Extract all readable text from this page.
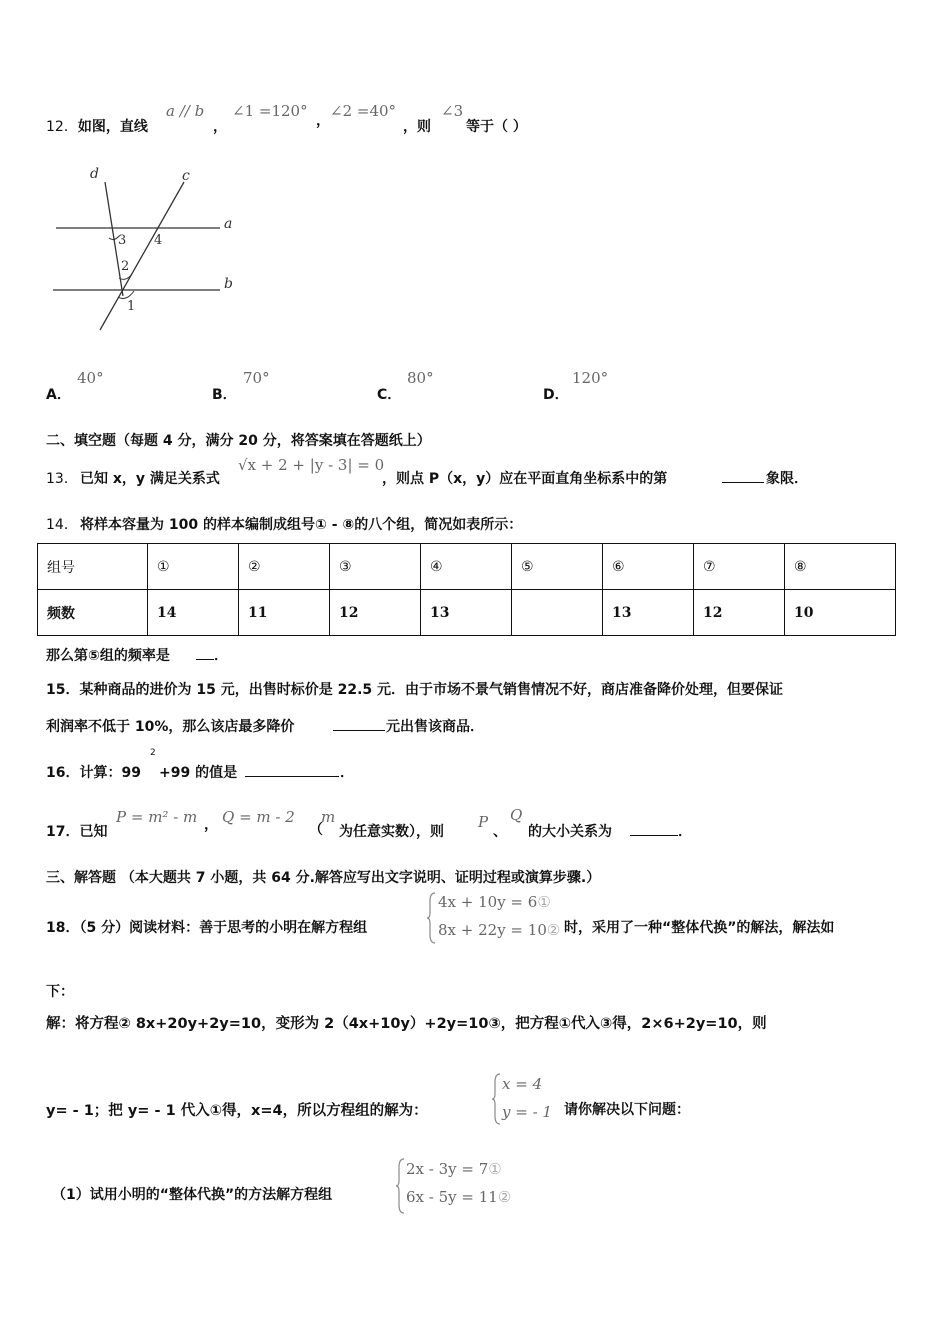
12．如图，直线
a // b
，
∠1 =120°
，
∠2 =40°
，则
∠3
等于（ ）
d	c
a
b
3 4
2
1
A．
40°
B．
70°
C．
80°
D．
120°
二、填空题（每题 4 分，满分 20 分，将答案填在答题纸上）
13． 已知 x，y 满足关系式
√x + 2 + |y - 3| = 0
，则点 P（x，y）应在平面直角坐标系中的第	象限．
14． 将样本容量为 100 的样本编制成组号① - ⑧的八个组，简况如表所示：
组号	①	②	③	④	⑤	⑥	⑦	⑧
频数	14	11	12	13		13	12	10
那么第⑤组的频率是	．
15．某种商品的进价为 15 元，出售时标价是 22.5 元．由于市场不景气销售情况不好，商店准备降价处理，但要保证
利润率不低于 10%，那么该店最多降价	元出售该商品．
16．计算：99
2
+99 的值是	．
17．已知
P = m² - m ， Q = m - 2
（
m
为任意实数），则
P
、
Q
的大小关系为	．
三、解答题 （本大题共 7 小题，共 64 分.解答应写出文字说明、证明过程或演算步骤.）
18．（5 分）阅读材料：善于思考的小明在解方程组
4x + 10y = 6①
8x + 22y = 10② 时，采用了一种“整体代换”的解法，解法如
下：
解：将方程② 8x+20y+2y=10，变形为 2（4x+10y）+2y=10③，把方程①代入③得，2×6+2y=10，则
y= - 1；把 y= - 1 代入①得，x=4，所以方程组的解为：
x = 4
y = - 1 请你解决以下问题：
（1）试用小明的“整体代换”的方法解方程组
2x - 3y = 7①
6x - 5y = 11②
